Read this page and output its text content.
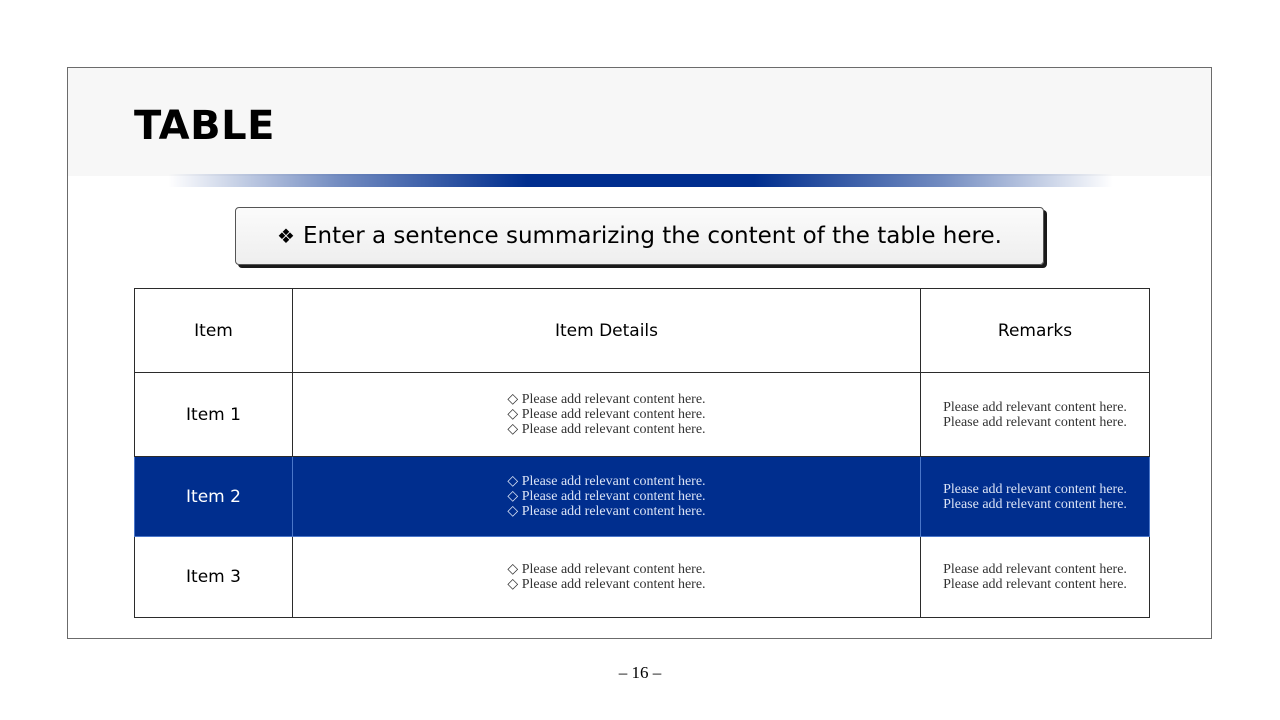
TABLE
❖ Enter a sentence summarizing the content of the table here.
Item	Item Details	Remarks
Item 1	◇ Please add relevant content here.
◇ Please add relevant content here.
◇ Please add relevant content here.	Please add relevant content here.
Please add relevant content here.

Item 2	◇ Please add relevant content here.
◇ Please add relevant content here.
◇ Please add relevant content here.	Please add relevant content here.
Please add relevant content here.

Item 3	◇ Please add relevant content here.
◇ Please add relevant content here.	Please add relevant content here.
Please add relevant content here.
– 16 –
